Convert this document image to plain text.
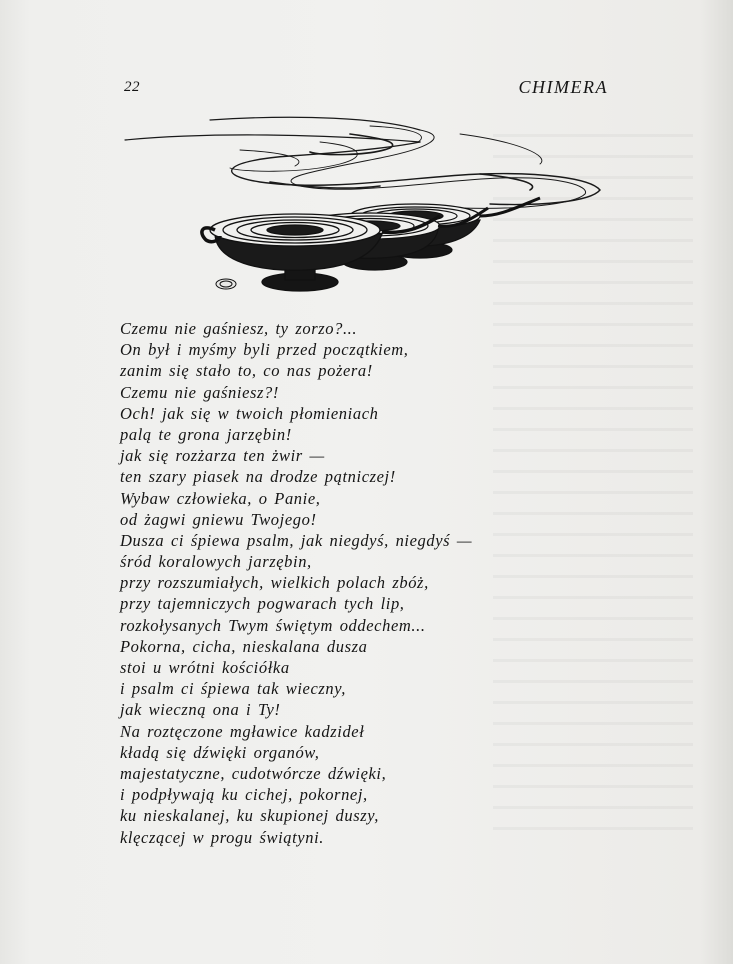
22	CHIMERA
Czemu nie gaśniesz, ty zorzo?...
On był i myśmy byli przed początkiem,
zanim się stało to, co nas pożera!
Czemu nie gaśniesz?!
Och! jak się w twoich płomieniach
palą te grona jarzębin!
jak się rozżarza ten żwir —
ten szary piasek na drodze pątniczej!
Wybaw człowieka, o Panie,
od żagwi gniewu Twojego!
Dusza ci śpiewa psalm, jak niegdyś, niegdyś —
śród koralowych jarzębin,
przy rozszumiałych, wielkich polach zbóż,
przy tajemniczych pogwarach tych lip,
rozkołysanych Twym świętym oddechem...
Pokorna, cicha, nieskalana dusza
stoi u wrótni kościółka
i psalm ci śpiewa tak wieczny,
jak wieczną ona i Ty!
Na roztęczone mgławice kadzideł
kładą się dźwięki organów,
majestatyczne, cudotwórcze dźwięki,
i podpływają ku cichej, pokornej,
ku nieskalanej, ku skupionej duszy,
klęczącej w progu świątyni.
